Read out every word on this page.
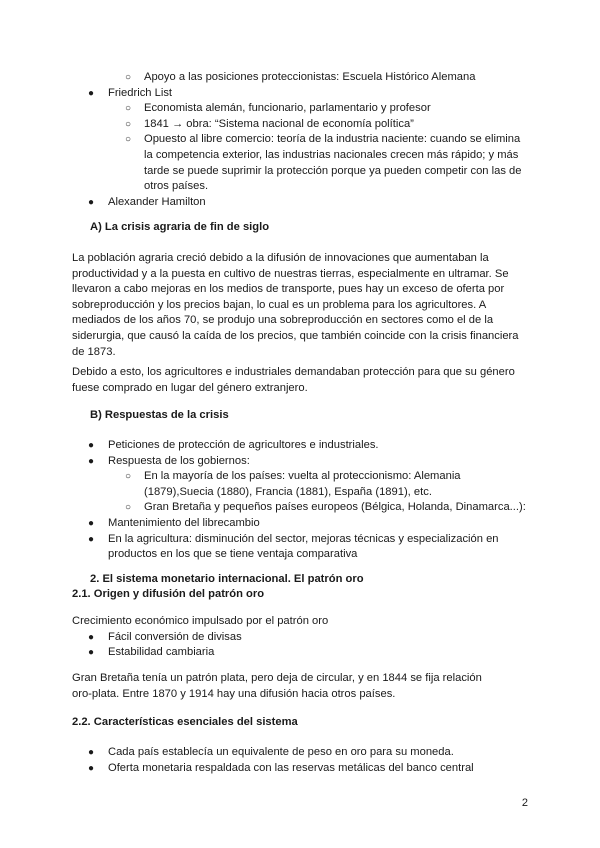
○ Apoyo a las posiciones proteccionistas: Escuela Histórico Alemana
● Friedrich List
○ Economista alemán, funcionario, parlamentario y profesor
○ 1841 → obra: “Sistema nacional de economía política”
○ Opuesto al libre comercio: teoría de la industria naciente: cuando se elimina
la competencia exterior, las industrias nacionales crecen más rápido; y más
tarde se puede suprimir la protección porque ya pueden competir con las de
otros países.
● Alexander Hamilton
A) La crisis agraria de fin de siglo
La población agraria creció debido a la difusión de innovaciones que aumentaban la
productividad y a la puesta en cultivo de nuestras tierras, especialmente en ultramar. Se
llevaron a cabo mejoras en los medios de transporte, pues hay un exceso de oferta por
sobreproducción y los precios bajan, lo cual es un problema para los agricultores. A
mediados de los años 70, se produjo una sobreproducción en sectores como el de la
siderurgia, que causó la caída de los precios, que también coincide con la crisis financiera
de 1873.
Debido a esto, los agricultores e industriales demandaban protección para que su género
fuese comprado en lugar del género extranjero.
B) Respuestas de la crisis
● Peticiones de protección de agricultores e industriales.
● Respuesta de los gobiernos:
○ En la mayoría de los países: vuelta al proteccionismo: Alemania
(1879),Suecia (1880), Francia (1881), España (1891), etc.
○ Gran Bretaña y pequeños países europeos (Bélgica, Holanda, Dinamarca...):
● Mantenimiento del librecambio
● En la agricultura: disminución del sector, mejoras técnicas y especialización en
productos en los que se tiene ventaja comparativa
2. El sistema monetario internacional. El patrón oro
2.1. Origen y difusión del patrón oro
Crecimiento económico impulsado por el patrón oro
● Fácil conversión de divisas
● Estabilidad cambiaria
Gran Bretaña tenía un patrón plata, pero deja de circular, y en 1844 se fija relación
oro-plata. Entre 1870 y 1914 hay una difusión hacia otros países.
2.2. Características esenciales del sistema
● Cada país establecía un equivalente de peso en oro para su moneda.
● Oferta monetaria respaldada con las reservas metálicas del banco central
2
